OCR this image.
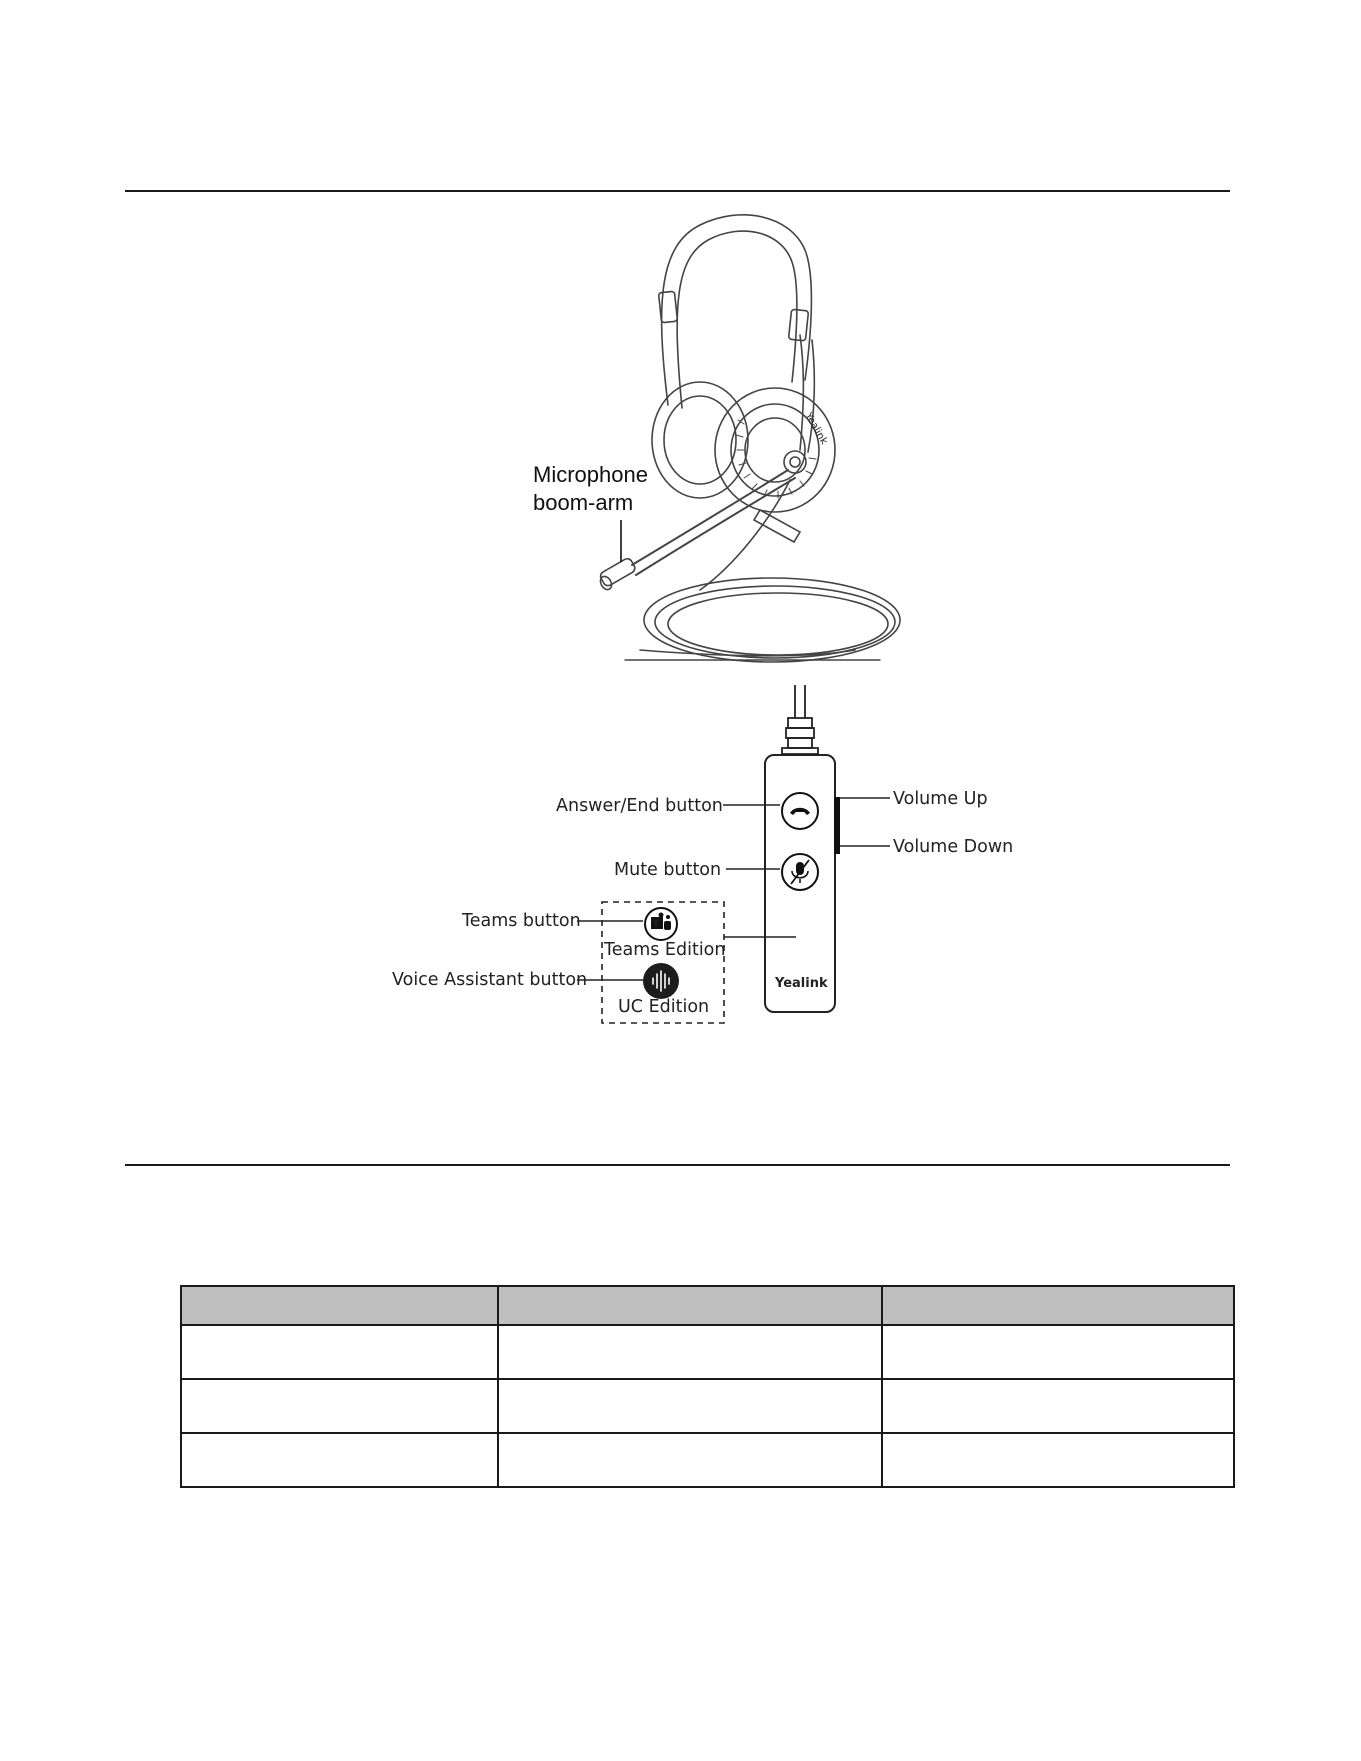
Yealink
Microphone
boom-arm
Yealink
T
Teams Edition
UC Edition
Answer/End button
Mute button
Teams button
Voice Assistant button
Volume Up
Volume Down
